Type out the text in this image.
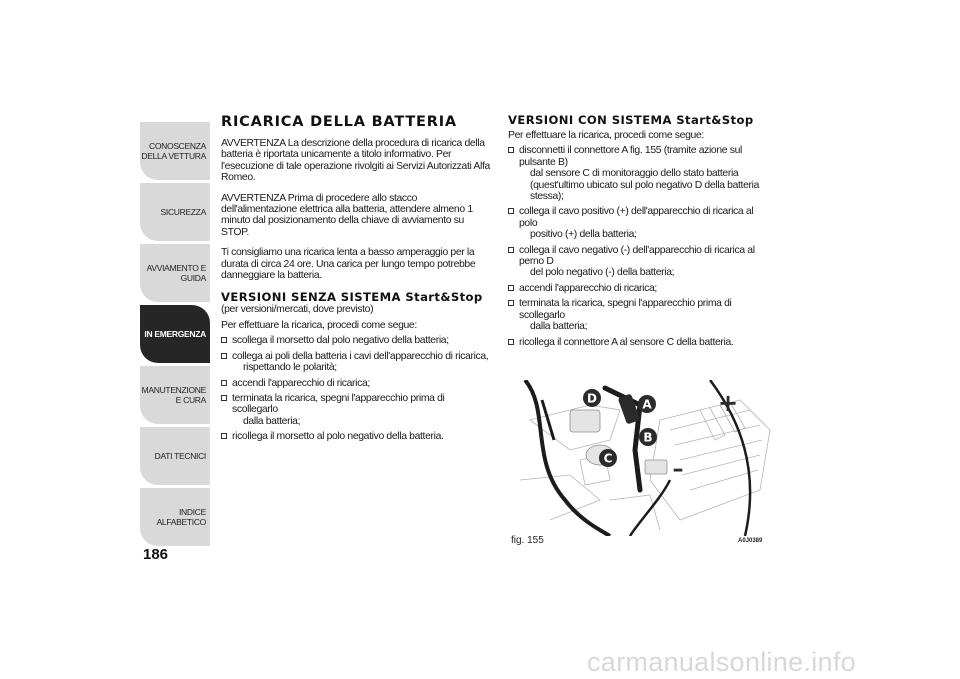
CONOSCENZA DELLA VETTURA
SICUREZZA
AVVIAMENTO E GUIDA
IN EMERGENZA
MANUTENZIONE E CURA
DATI TECNICI
INDICE ALFABETICO
186
RICARICA DELLA BATTERIA

AVVERTENZA La descrizione della procedura di ricarica della batteria è riportata unicamente a titolo informativo. Per l'esecuzione di tale operazione rivolgiti ai Servizi Autorizzati Alfa Romeo.

AVVERTENZA Prima di procedere allo stacco dell'alimentazione elettrica alla batteria, attendere almeno 1 minuto dal posizionamento della chiave di avviamento su STOP.

Ti consigliamo una ricarica lenta a basso amperaggio per la durata di circa 24 ore. Una carica per lungo tempo potrebbe danneggiare la batteria.

VERSIONI SENZA SISTEMA Start&Stop

(per versioni/mercati, dove previsto)

Per effettuare la ricarica, procedi come segue:

scollega il morsetto dal polo negativo della batteria;
collega ai poli della batteria i cavi dell'apparecchio di ricarica,
rispettando le polarità;
accendi l'apparecchio di ricarica;
terminata la ricarica, spegni l'apparecchio prima di scollegarlo
dalla batteria;
ricollega il morsetto al polo negativo della batteria.
VERSIONI CON SISTEMA Start&Stop

Per effettuare la ricarica, procedi come segue:

disconnetti il connettore A fig. 155 (tramite azione sul pulsante B)
dal sensore C di monitoraggio dello stato batteria (quest'ultimo ubicato sul polo negativo D della batteria stessa);
collega il cavo positivo (+) dell'apparecchio di ricarica al polo
positivo (+) della batteria;
collega il cavo negativo (-) dell'apparecchio di ricarica al perno D
del polo negativo (-) della batteria;
accendi l'apparecchio di ricarica;
terminata la ricarica, spegni l'apparecchio prima di scollegarlo
dalla batteria;
ricollega il connettore A al sensore C della batteria.
D	A
B
C
+
–
fig. 155	A0J0389
carmanualsonline.info
